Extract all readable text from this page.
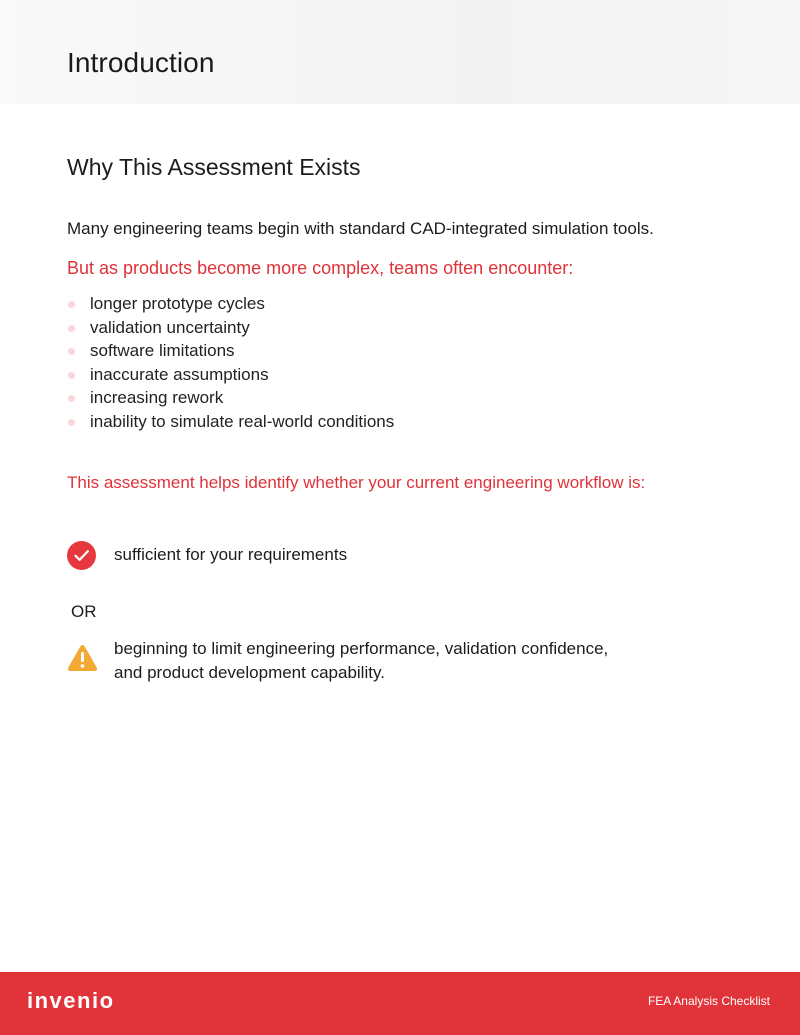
Introduction
Why This Assessment Exists

Many engineering teams begin with standard CAD-integrated simulation tools.

But as products become more complex, teams often encounter:

longer prototype cycles
validation uncertainty
software limitations
inaccurate assumptions
increasing rework
inability to simulate real-world conditions

This assessment helps identify whether your current engineering workflow is:

sufficient for your requirements
OR
beginning to limit engineering performance, validation confidence,
and product development capability.
invenio	FEA Analysis Checklist
